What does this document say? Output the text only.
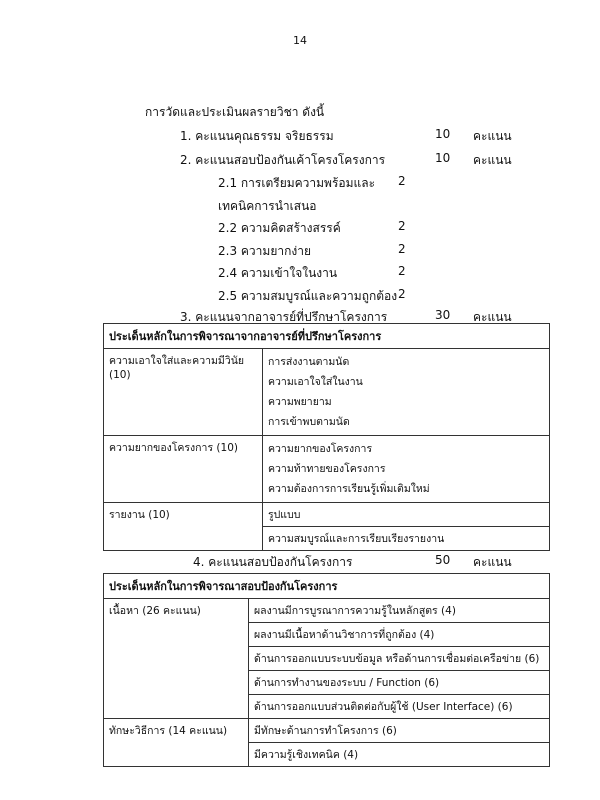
14
การวัดและประเมินผลรายวิชา ดังนี้
1. คะแนนคุณธรรม จริยธรรม	10 คะแนน
2. คะแนนสอบป้องกันเค้าโครงโครงการ	10 คะแนน
2.1 การเตรียมความพร้อมและ
เทคนิคการนำเสนอ
2
2.2 ความคิดสร้างสรรค์	2
2.3 ความยากง่าย	2
2.4 ความเข้าใจในงาน	2
2.5 ความสมบูรณ์และความถูกต้อง 2
3. คะแนนจากอาจารย์ที่ปรึกษาโครงการ	30 คะแนน
ประเด็นหลักในการพิจารณาจากอาจารย์ที่ปรึกษาโครงการ	
ความเอาใจใส่และความมีวินัย (10)	การส่งงานตามนัด
ความเอาใจใส่ในงาน
ความพยายาม
การเข้าพบตามนัด

ความยากของโครงการ (10)	ความยากของโครงการ
ความท้าทายของโครงการ
ความต้องการการเรียนรู้เพิ่มเติมใหม่

รายงาน (10)	รูปแบบ
	ความสมบูรณ์และการเรียบเรียงรายงาน
4. คะแนนสอบป้องกันโครงการ	50 คะแนน
ประเด็นหลักในการพิจารณาสอบป้องกันโครงการ	
เนื้อหา (26 คะแนน)	ผลงานมีการบูรณาการความรู้ในหลักสูตร (4)
	ผลงานมีเนื้อหาด้านวิชาการที่ถูกต้อง (4)
	ด้านการออกแบบระบบข้อมูล หรือด้านการเชื่อมต่อเครือข่าย (6)
	ด้านการทำงานของระบบ / Function (6)
	ด้านการออกแบบส่วนติดต่อกับผู้ใช้ (User Interface) (6)
ทักษะวิธีการ (14 คะแนน)	มีทักษะด้านการทำโครงการ (6)
	มีความรู้เชิงเทคนิค (4)
